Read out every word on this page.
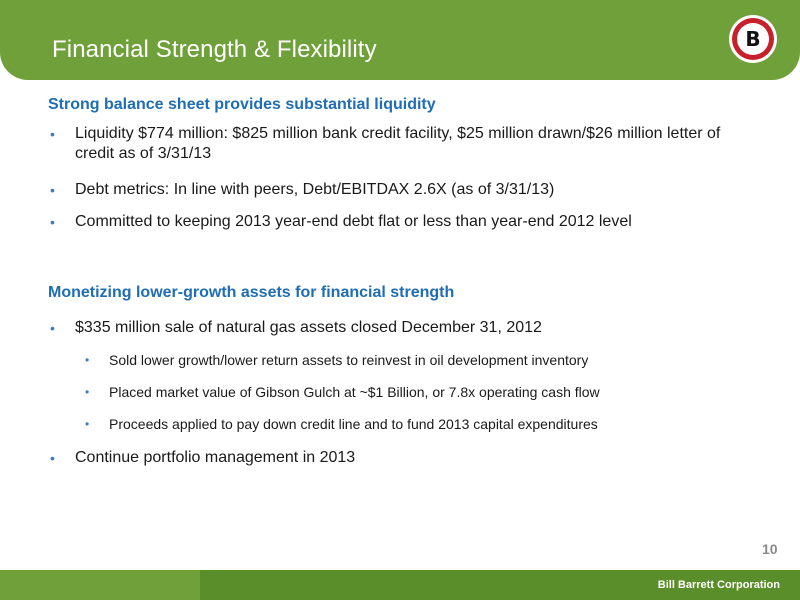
Financial Strength & Flexibility	B
Strong balance sheet provides substantial liquidity
• Liquidity $774 million: $825 million bank credit facility, $25 million drawn/$26 million letter of credit as of 3/31/13
• Debt metrics: In line with peers, Debt/EBITDAX 2.6X (as of 3/31/13)
• Committed to keeping 2013 year-end debt flat or less than year-end 2012 level
Monetizing lower-growth assets for financial strength
• $335 million sale of natural gas assets closed December 31, 2012
• Sold lower growth/lower return assets to reinvest in oil development inventory
• Placed market value of Gibson Gulch at ~$1 Billion, or 7.8x operating cash flow
• Proceeds applied to pay down credit line and to fund 2013 capital expenditures
• Continue portfolio management in 2013
10
Bill Barrett Corporation
